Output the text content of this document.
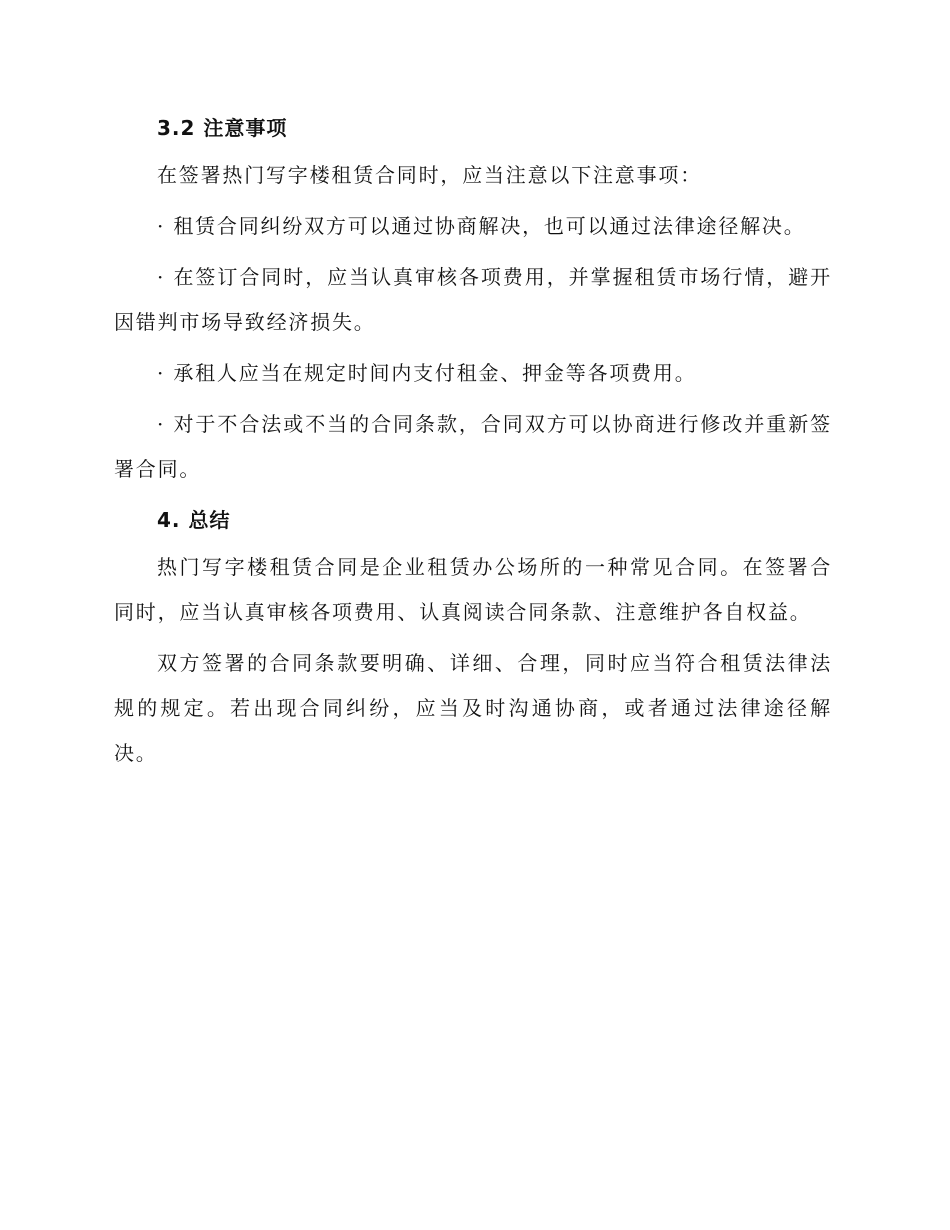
3.2 注意事项

在签署热门写字楼租赁合同时，应当注意以下注意事项：

· 租赁合同纠纷双方可以通过协商解决，也可以通过法律途径解决。

· 在签订合同时，应当认真审核各项费用，并掌握租赁市场行情，避开因错判市场导致经济损失。

· 承租人应当在规定时间内支付租金、押金等各项费用。

· 对于不合法或不当的合同条款，合同双方可以协商进行修改并重新签署合同。

4. 总结

热门写字楼租赁合同是企业租赁办公场所的一种常见合同。在签署合同时，应当认真审核各项费用、认真阅读合同条款、注意维护各自权益。

双方签署的合同条款要明确、详细、合理，同时应当符合租赁法律法规的规定。若出现合同纠纷，应当及时沟通协商，或者通过法律途径解决。
